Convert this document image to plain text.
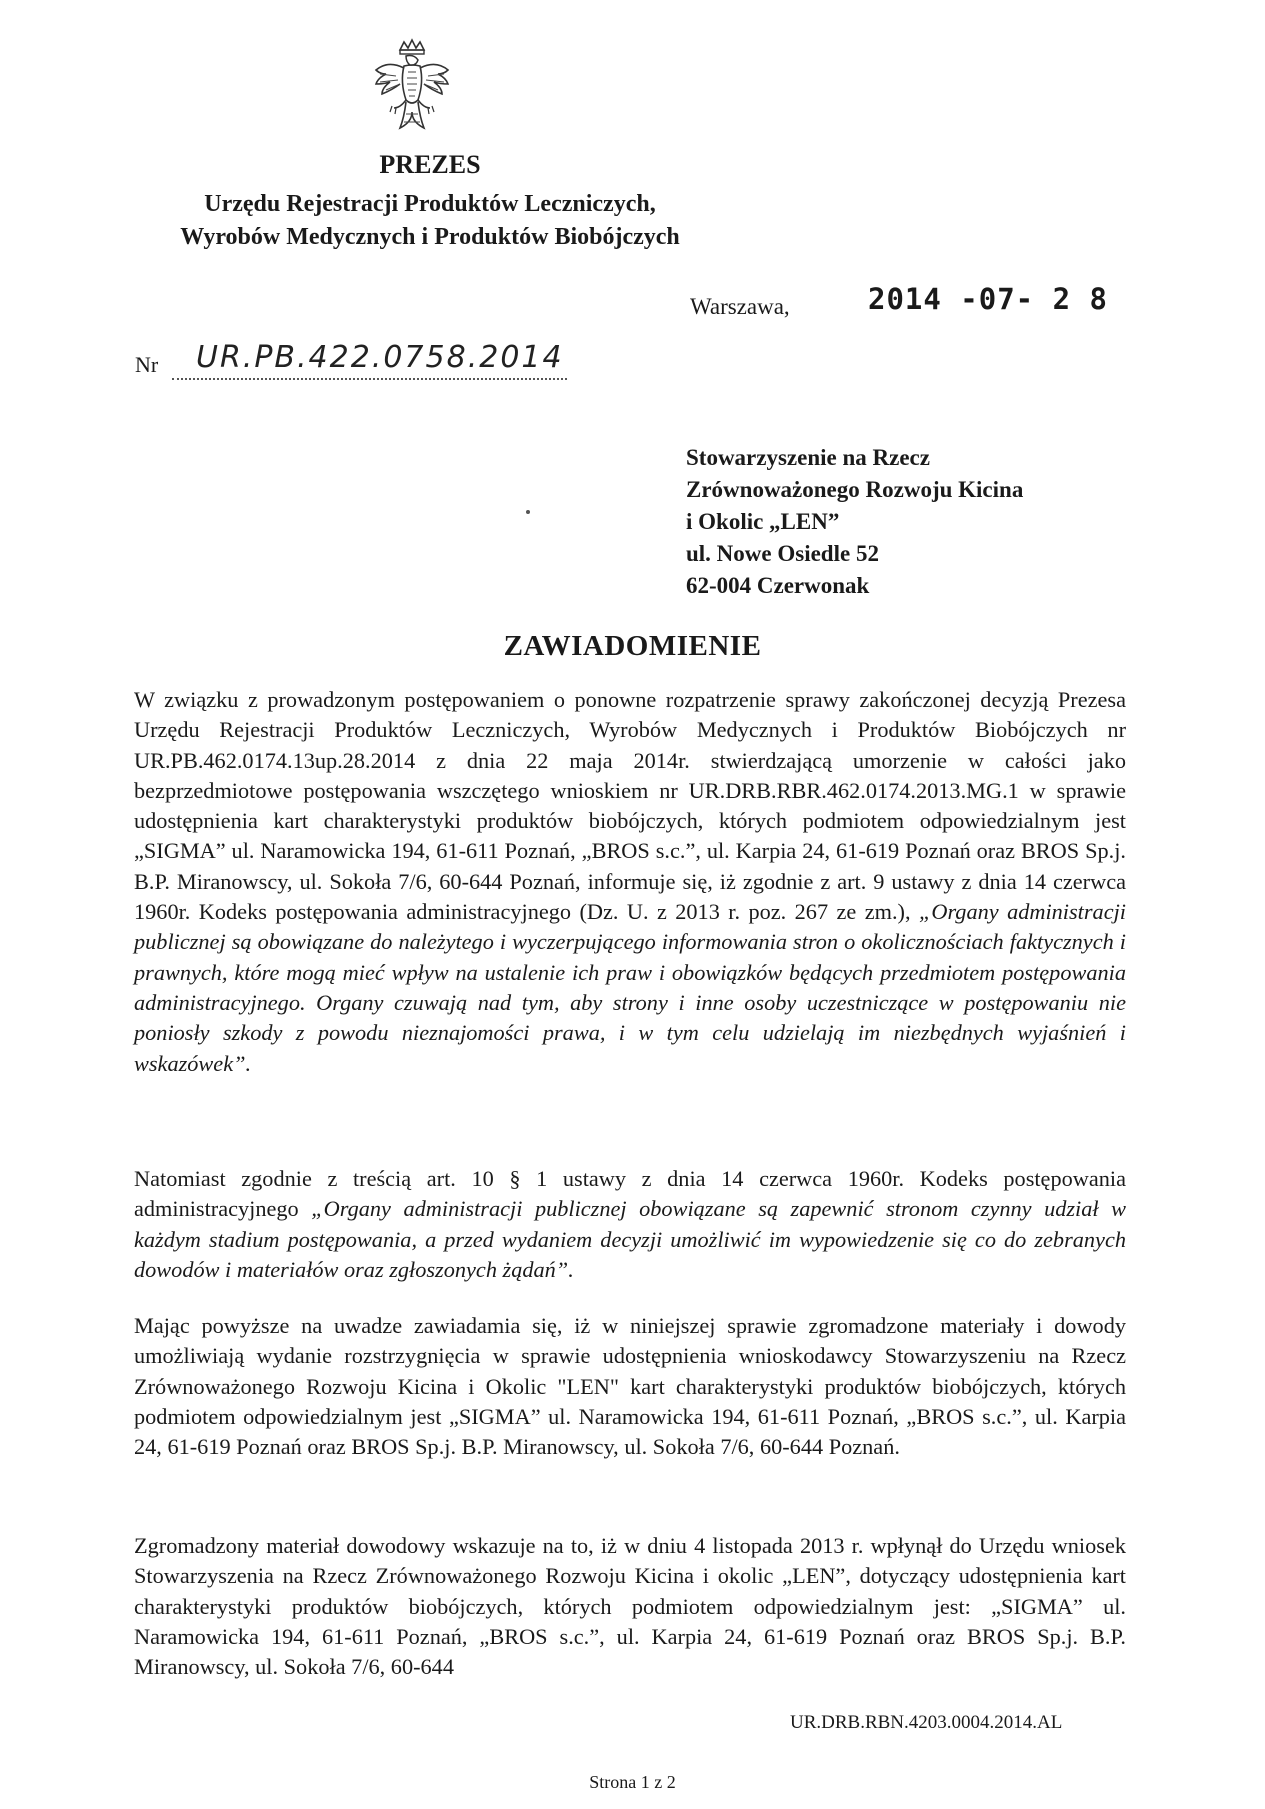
PREZES
Urzędu Rejestracji Produktów Leczniczych,
Wyrobów Medycznych i Produktów Biobójczych
Warszawa,	2014 -07- 2 8
Nr UR.PB.422.0758.2014
Stowarzyszenie na Rzecz
Zrównoważonego Rozwoju Kicina
i Okolic „LEN”
ul. Nowe Osiedle 52
62-004 Czerwonak
ZAWIADOMIENIE
W związku z prowadzonym postępowaniem o ponowne rozpatrzenie sprawy zakończonej decyzją Prezesa Urzędu Rejestracji Produktów Leczniczych, Wyrobów Medycznych i Produktów Biobójczych nr UR.PB.462.0174.13up.28.2014 z dnia 22 maja 2014r. stwierdzającą umorzenie w całości jako bezprzedmiotowe postępowania wszczętego wnioskiem nr UR.DRB.RBR.462.0174.2013.MG.1 w sprawie udostępnienia kart charakterystyki produktów biobójczych, których podmiotem odpowiedzialnym jest „SIGMA” ul. Naramowicka 194, 61-611 Poznań, „BROS s.c.”, ul. Karpia 24, 61-619 Poznań oraz BROS Sp.j. B.P. Miranowscy, ul. Sokoła 7/6, 60-644 Poznań, informuje się, iż zgodnie z art. 9 ustawy z dnia 14 czerwca 1960r. Kodeks postępowania administracyjnego (Dz. U. z 2013 r. poz. 267 ze zm.), „Organy administracji publicznej są obowiązane do należytego i wyczerpującego informowania stron o okolicznościach faktycznych i prawnych, które mogą mieć wpływ na ustalenie ich praw i obowiązków będących przedmiotem postępowania administracyjnego. Organy czuwają nad tym, aby strony i inne osoby uczestniczące w postępowaniu nie poniosły szkody z powodu nieznajomości prawa, i w tym celu udzielają im niezbędnych wyjaśnień i wskazówek”.
Natomiast zgodnie z treścią art. 10 § 1 ustawy z dnia 14 czerwca 1960r. Kodeks postępowania administracyjnego „Organy administracji publicznej obowiązane są zapewnić stronom czynny udział w każdym stadium postępowania, a przed wydaniem decyzji umożliwić im wypowiedzenie się co do zebranych dowodów i materiałów oraz zgłoszonych żądań”.
Mając powyższe na uwadze zawiadamia się, iż w niniejszej sprawie zgromadzone materiały i dowody umożliwiają wydanie rozstrzygnięcia w sprawie udostępnienia wnioskodawcy Stowarzyszeniu na Rzecz Zrównoważonego Rozwoju Kicina i Okolic "LEN" kart charakterystyki produktów biobójczych, których podmiotem odpowiedzialnym jest „SIGMA” ul. Naramowicka 194, 61-611 Poznań, „BROS s.c.”, ul. Karpia 24, 61-619 Poznań oraz BROS Sp.j. B.P. Miranowscy, ul. Sokoła 7/6, 60-644 Poznań.
Zgromadzony materiał dowodowy wskazuje na to, iż w dniu 4 listopada 2013 r. wpłynął do Urzędu wniosek Stowarzyszenia na Rzecz Zrównoważonego Rozwoju Kicina i okolic „LEN”, dotyczący udostępnienia kart charakterystyki produktów biobójczych, których podmiotem odpowiedzialnym jest: „SIGMA” ul. Naramowicka 194, 61-611 Poznań, „BROS s.c.”, ul. Karpia 24, 61-619 Poznań oraz BROS Sp.j. B.P. Miranowscy, ul. Sokoła 7/6, 60-644
UR.DRB.RBN.4203.0004.2014.AL
Strona 1 z 2
